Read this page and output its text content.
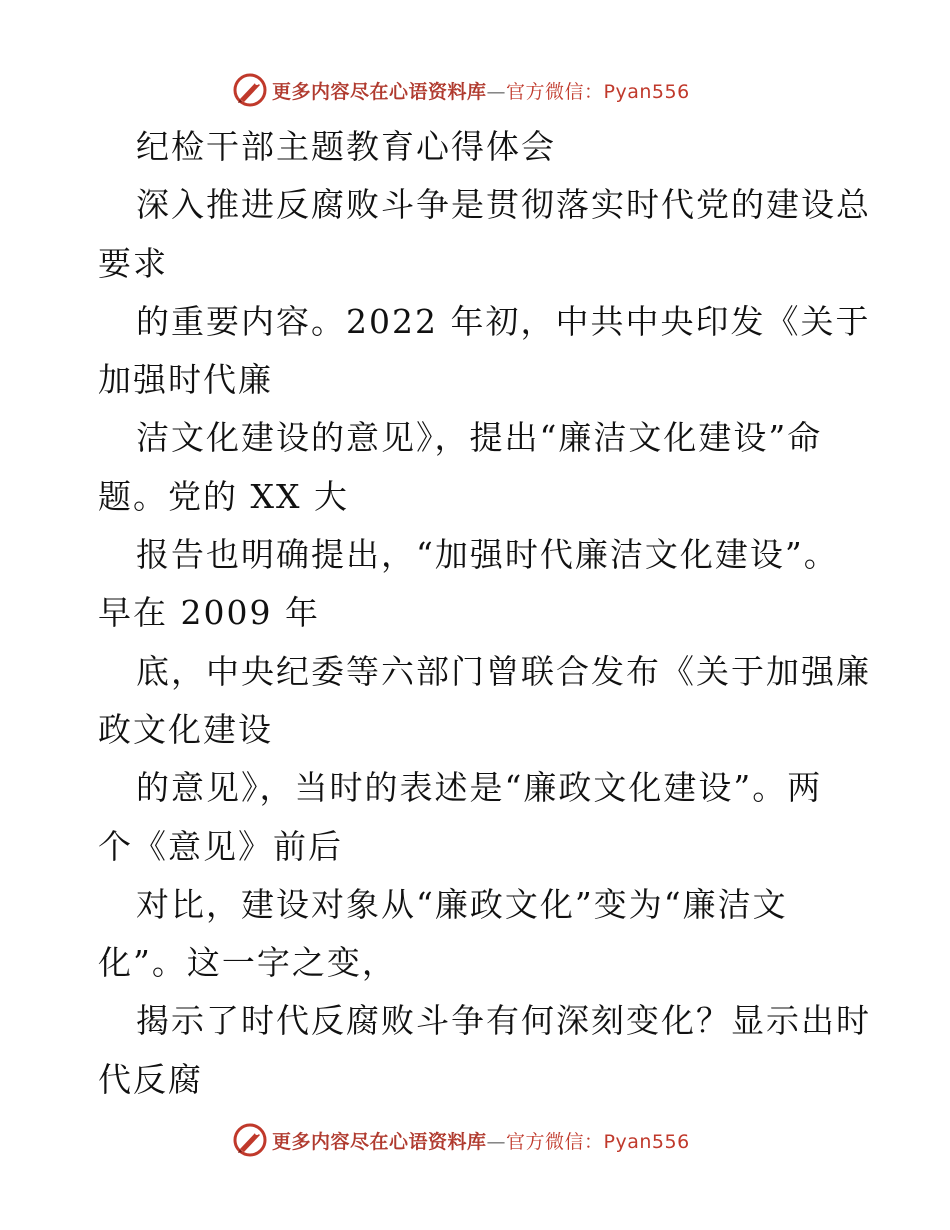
更多内容尽在心语资料库—官方微信：Pyan556
纪检干部主题教育心得体会
深入推进反腐败斗争是贯彻落实时代党的建设总
要求
的重要内容。2022 年初，中共中央印发《关于
加强时代廉
洁文化建设的意见》，提出“廉洁文化建设”命
题。党的 XX 大
报告也明确提出，“加强时代廉洁文化建设”。
早在 2009 年
底，中央纪委等六部门曾联合发布《关于加强廉
政文化建设
的意见》，当时的表述是“廉政文化建设”。两
个《意见》前后
对比，建设对象从“廉政文化”变为“廉洁文
化”。这一字之变，
揭示了时代反腐败斗争有何深刻变化？显示出时
代反腐
更多内容尽在心语资料库—官方微信：Pyan556
